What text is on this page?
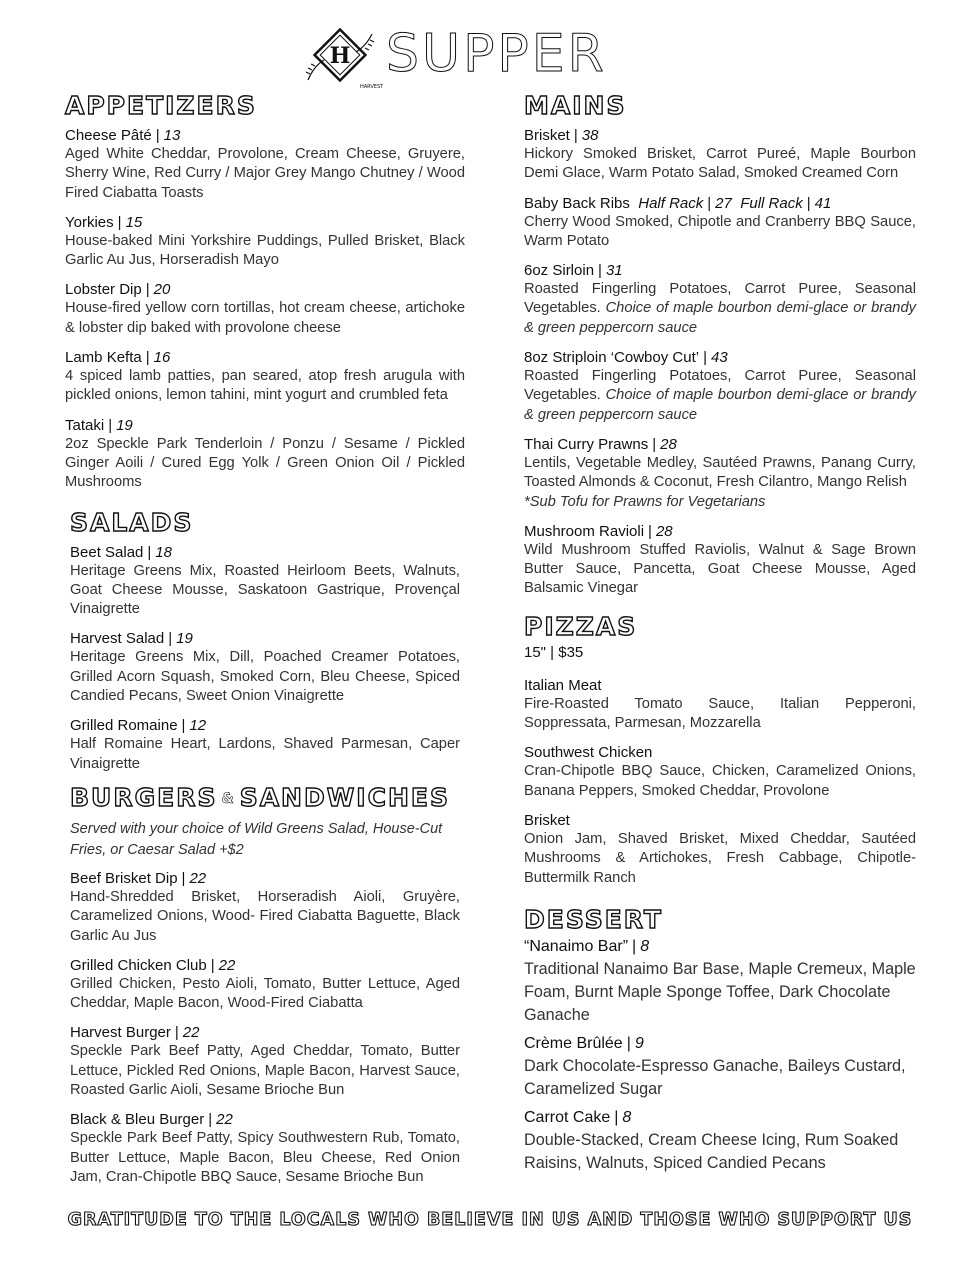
H
HARVEST
SUPPER
APPETIZERS
Cheese Pâté | 13
Aged White Cheddar, Provolone, Cream Cheese, Gruyere, Sherry Wine, Red Curry / Major Grey Mango Chutney / Wood Fired Ciabatta Toasts
Yorkies | 15
House-baked Mini Yorkshire Puddings, Pulled Brisket, Black Garlic Au Jus, Horseradish Mayo
Lobster Dip | 20
House-fired yellow corn tortillas, hot cream cheese, artichoke & lobster dip baked with provolone cheese
Lamb Kefta | 16
4 spiced lamb patties, pan seared, atop fresh arugula with pickled onions, lemon tahini, mint yogurt and crumbled feta
Tataki | 19
2oz Speckle Park Tenderloin / Ponzu / Sesame / Pickled Ginger Aoili / Cured Egg Yolk / Green Onion Oil / Pickled Mushrooms
SALADS
Beet Salad | 18
Heritage Greens Mix, Roasted Heirloom Beets, Walnuts, Goat Cheese Mousse, Saskatoon Gastrique, Provençal Vinaigrette
Harvest Salad | 19
Heritage Greens Mix, Dill, Poached Creamer Potatoes, Grilled Acorn Squash, Smoked Corn, Bleu Cheese, Spiced Candied Pecans, Sweet Onion Vinaigrette
Grilled Romaine | 12
Half Romaine Heart, Lardons, Shaved Parmesan, Caper Vinaigrette
BURGERS & SANDWICHES
Served with your choice of Wild Greens Salad, House-Cut Fries, or Caesar Salad +$2
Beef Brisket Dip | 22
Hand-Shredded Brisket, Horseradish Aioli, Gruyère, Caramelized Onions, Wood- Fired Ciabatta Baguette, Black Garlic Au Jus
Grilled Chicken Club | 22
Grilled Chicken, Pesto Aioli, Tomato, Butter Lettuce, Aged Cheddar, Maple Bacon, Wood-Fired Ciabatta
Harvest Burger | 22
Speckle Park Beef Patty, Aged Cheddar, Tomato, Butter Lettuce, Pickled Red Onions, Maple Bacon, Harvest Sauce, Roasted Garlic Aioli, Sesame Brioche Bun
Black & Bleu Burger | 22
Speckle Park Beef Patty, Spicy Southwestern Rub, Tomato, Butter Lettuce, Maple Bacon, Bleu Cheese, Red Onion Jam, Cran-Chipotle BBQ Sauce, Sesame Brioche Bun
MAINS
Brisket | 38
Hickory Smoked Brisket, Carrot Pureé, Maple Bourbon Demi Glace, Warm Potato Salad, Smoked Creamed Corn
Baby Back Ribs Half Rack | 27 Full Rack | 41
Cherry Wood Smoked, Chipotle and Cranberry BBQ Sauce, Warm Potato
6oz Sirloin | 31
Roasted Fingerling Potatoes, Carrot Puree, Seasonal Vegetables. Choice of maple bourbon demi-glace or brandy & green peppercorn sauce
8oz Striploin ‘Cowboy Cut’ | 43
Roasted Fingerling Potatoes, Carrot Puree, Seasonal Vegetables. Choice of maple bourbon demi-glace or brandy & green peppercorn sauce
Thai Curry Prawns | 28
Lentils, Vegetable Medley, Sautéed Prawns, Panang Curry, Toasted Almonds & Coconut, Fresh Cilantro, Mango Relish
*Sub Tofu for Prawns for Vegetarians
Mushroom Ravioli | 28
Wild Mushroom Stuffed Raviolis, Walnut & Sage Brown Butter Sauce, Pancetta, Goat Cheese Mousse, Aged Balsamic Vinegar
PIZZAS
15" | $35
Italian Meat
Fire-Roasted Tomato Sauce, Italian Pepperoni, Soppressata, Parmesan, Mozzarella
Southwest Chicken
Cran-Chipotle BBQ Sauce, Chicken, Caramelized Onions, Banana Peppers, Smoked Cheddar, Provolone
Brisket
Onion Jam, Shaved Brisket, Mixed Cheddar, Sautéed Mushrooms & Artichokes, Fresh Cabbage, Chipotle-Buttermilk Ranch
DESSERT
“Nanaimo Bar” | 8
Traditional Nanaimo Bar Base, Maple Cremeux, Maple Foam, Burnt Maple Sponge Toffee, Dark Chocolate Ganache
Crème Brûlée | 9
Dark Chocolate-Espresso Ganache, Baileys Custard, Caramelized Sugar
Carrot Cake | 8
Double-Stacked, Cream Cheese Icing, Rum Soaked Raisins, Walnuts, Spiced Candied Pecans
GRATITUDE TO THE LOCALS WHO BELIEVE IN US AND THOSE WHO SUPPORT US
